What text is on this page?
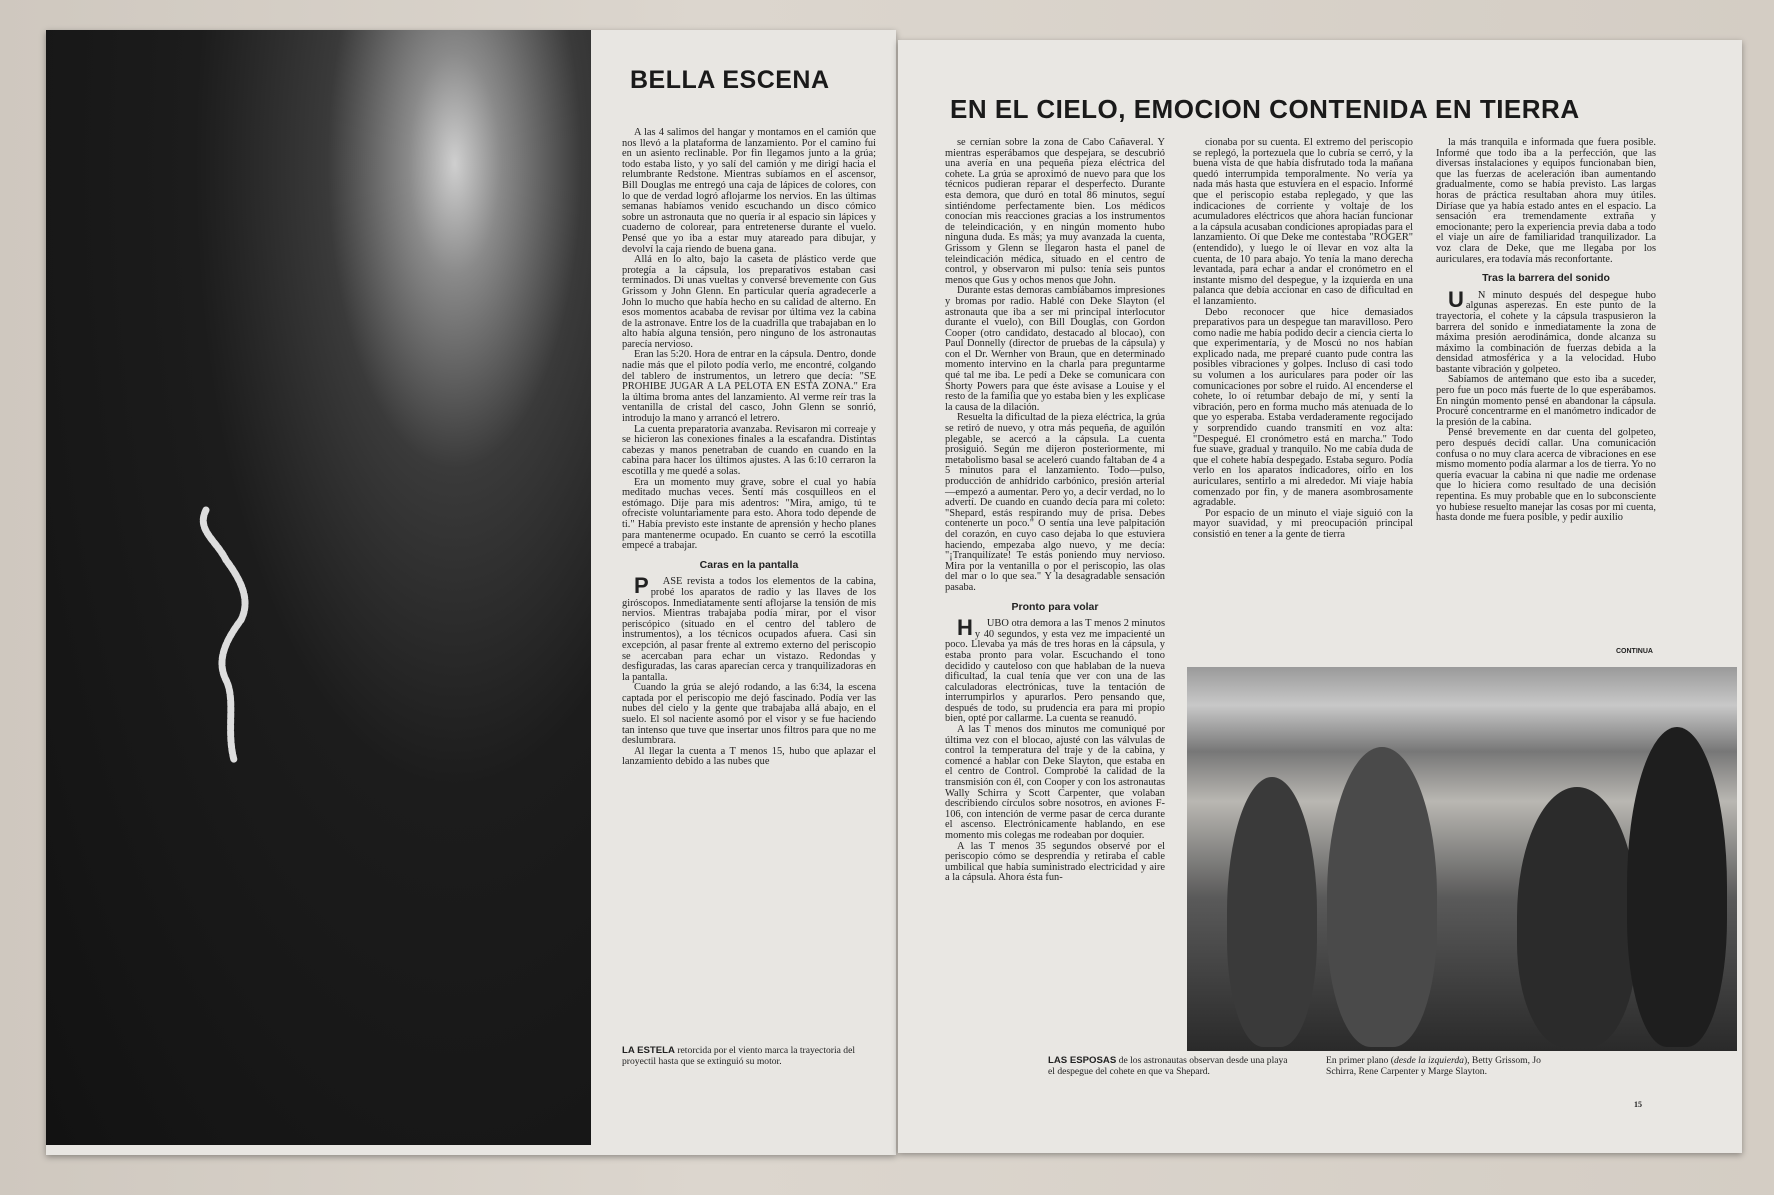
BELLA ESCENA

A las 4 salimos del hangar y montamos en el camión que nos llevó a la plataforma de lanzamiento. Por el camino fui en un asiento reclinable. Por fin llegamos junto a la grúa; todo estaba listo, y yo salí del camión y me dirigí hacia el relumbrante Redstone. Mientras subíamos en el ascensor, Bill Douglas me entregó una caja de lápices de colores, con lo que de verdad logró aflojarme los nervios. En las últimas semanas habíamos venido escuchando un disco cómico sobre un astronauta que no quería ir al espacio sin lápices y cuaderno de colorear, para entretenerse durante el vuelo. Pensé que yo iba a estar muy atareado para dibujar, y devolví la caja riendo de buena gana.

Allá en lo alto, bajo la caseta de plástico verde que protegía a la cápsula, los preparativos estaban casi terminados. Di unas vueltas y conversé brevemente con Gus Grissom y John Glenn. En particular quería agradecerle a John lo mucho que había hecho en su calidad de alterno. En esos momentos acababa de revisar por última vez la cabina de la astronave. Entre los de la cuadrilla que trabajaban en lo alto había alguna tensión, pero ninguno de los astronautas parecía nervioso.

Eran las 5:20. Hora de entrar en la cápsula. Dentro, donde nadie más que el piloto podía verlo, me encontré, colgando del tablero de instrumentos, un letrero que decía: "SE PROHIBE JUGAR A LA PELOTA EN ESTA ZONA." Era la última broma antes del lanzamiento. Al verme reír tras la ventanilla de cristal del casco, John Glenn se sonrió, introdujo la mano y arrancó el letrero.

La cuenta preparatoria avanzaba. Revisaron mi correaje y se hicieron las conexiones finales a la escafandra. Distintas cabezas y manos penetraban de cuando en cuando en la cabina para hacer los últimos ajustes. A las 6:10 cerraron la escotilla y me quedé a solas.

Era un momento muy grave, sobre el cual yo había meditado muchas veces. Sentí más cosquilleos en el estómago. Dije para mis adentros: "Mira, amigo, tú te ofreciste voluntariamente para esto. Ahora todo depende de ti." Había previsto este instante de aprensión y hecho planes para mantenerme ocupado. En cuanto se cerró la escotilla empecé a trabajar.

Caras en la pantalla

PASE revista a todos los elementos de la cabina, probé los aparatos de radio y las llaves de los giróscopos. Inmediatamente sentí aflojarse la tensión de mis nervios. Mientras trabajaba podía mirar, por el visor periscópico (situado en el centro del tablero de instrumentos), a los técnicos ocupados afuera. Casi sin excepción, al pasar frente al extremo externo del periscopio se acercaban para echar un vistazo. Redondas y desfiguradas, las caras aparecían cerca y tranquilizadoras en la pantalla.

Cuando la grúa se alejó rodando, a las 6:34, la escena captada por el periscopio me dejó fascinado. Podía ver las nubes del cielo y la gente que trabajaba allá abajo, en el suelo. El sol naciente asomó por el visor y se fue haciendo tan intenso que tuve que insertar unos filtros para que no me deslumbrara.

Al llegar la cuenta a T menos 15, hubo que aplazar el lanzamiento debido a las nubes que

LA ESTELA retorcida por el viento marca la trayectoria del proyectil hasta que se extinguió su motor.
EN EL CIELO, EMOCION CONTENIDA EN TIERRA

se cernían sobre la zona de Cabo Cañaveral. Y mientras esperábamos que despejara, se descubrió una avería en una pequeña pieza eléctrica del cohete. La grúa se aproximó de nuevo para que los técnicos pudieran reparar el desperfecto. Durante esta demora, que duró en total 86 minutos, seguí sintiéndome perfectamente bien. Los médicos conocían mis reacciones gracias a los instrumentos de teleindicación, y en ningún momento hubo ninguna duda. Es más; ya muy avanzada la cuenta, Grissom y Glenn se llegaron hasta el panel de teleindicación médica, situado en el centro de control, y observaron mi pulso: tenía seis puntos menos que Gus y ochos menos que John.

Durante estas demoras cambiábamos impresiones y bromas por radio. Hablé con Deke Slayton (el astronauta que iba a ser mi principal interlocutor durante el vuelo), con Bill Douglas, con Gordon Cooper (otro candidato, destacado al blocao), con Paul Donnelly (director de pruebas de la cápsula) y con el Dr. Wernher von Braun, que en determinado momento intervino en la charla para preguntarme qué tal me iba. Le pedí a Deke se comunicara con Shorty Powers para que éste avisase a Louise y el resto de la familia que yo estaba bien y les explicase la causa de la dilación.

Resuelta la dificultad de la pieza eléctrica, la grúa se retiró de nuevo, y otra más pequeña, de aguilón plegable, se acercó a la cápsula. La cuenta prosiguió. Según me dijeron posteriormente, mi metabolismo basal se aceleró cuando faltaban de 4 a 5 minutos para el lanzamiento. Todo—pulso, producción de anhídrido carbónico, presión arterial—empezó a aumentar. Pero yo, a decir verdad, no lo advertí. De cuando en cuando decía para mi coleto: "Shepard, estás respirando muy de prisa. Debes contenerte un poco." O sentía una leve palpitación del corazón, en cuyo caso dejaba lo que estuviera haciendo, empezaba algo nuevo, y me decía: "¡Tranquilízate! Te estás poniendo muy nervioso. Mira por la ventanilla o por el periscopio, las olas del mar o lo que sea." Y la desagradable sensación pasaba.

Pronto para volar

HUBO otra demora a las T menos 2 minutos y 40 segundos, y esta vez me impacienté un poco. Llevaba ya más de tres horas en la cápsula, y estaba pronto para volar. Escuchando el tono decidido y cauteloso con que hablaban de la nueva dificultad, la cual tenía que ver con una de las calculadoras electrónicas, tuve la tentación de interrumpirlos y apurarlos. Pero pensando que, después de todo, su prudencia era para mi propio bien, opté por callarme. La cuenta se reanudó.

A las T menos dos minutos me comuniqué por última vez con el blocao, ajusté con las válvulas de control la temperatura del traje y de la cabina, y comencé a hablar con Deke Slayton, que estaba en el centro de Control. Comprobé la calidad de la transmisión con él, con Cooper y con los astronautas Wally Schirra y Scott Carpenter, que volaban describiendo círculos sobre nosotros, en aviones F-106, con intención de verme pasar de cerca durante el ascenso. Electrónicamente hablando, en ese momento mis colegas me rodeaban por doquier.

A las T menos 35 segundos observé por el periscopio cómo se desprendía y retiraba el cable umbilical que había suministrado electricidad y aire a la cápsula. Ahora ésta fun-

cionaba por su cuenta. El extremo del periscopio se replegó, la portezuela que lo cubría se cerró, y la buena vista de que había disfrutado toda la mañana quedó interrumpida temporalmente. No vería ya nada más hasta que estuviera en el espacio. Informé que el periscopio estaba replegado, y que las indicaciones de corriente y voltaje de los acumuladores eléctricos que ahora hacían funcionar a la cápsula acusaban condiciones apropiadas para el lanzamiento. Oí que Deke me contestaba "ROGER" (entendido), y luego le oí llevar en voz alta la cuenta, de 10 para abajo. Yo tenía la mano derecha levantada, para echar a andar el cronómetro en el instante mismo del despegue, y la izquierda en una palanca que debía accionar en caso de dificultad en el lanzamiento.

Debo reconocer que hice demasiados preparativos para un despegue tan maravilloso. Pero como nadie me había podido decir a ciencia cierta lo que experimentaría, y de Moscú no nos habían explicado nada, me preparé cuanto pude contra las posibles vibraciones y golpes. Incluso di casi todo su volumen a los auriculares para poder oír las comunicaciones por sobre el ruido. Al encenderse el cohete, lo oí retumbar debajo de mí, y sentí la vibración, pero en forma mucho más atenuada de lo que yo esperaba. Estaba verdaderamente regocijado y sorprendido cuando transmití en voz alta: "Despegué. El cronómetro está en marcha." Todo fue suave, gradual y tranquilo. No me cabía duda de que el cohete había despegado. Estaba seguro. Podía verlo en los aparatos indicadores, oírlo en los auriculares, sentirlo a mi alrededor. Mi viaje había comenzado por fin, y de manera asombrosamente agradable.

Por espacio de un minuto el viaje siguió con la mayor suavidad, y mi preocupación principal consistió en tener a la gente de tierra

la más tranquila e informada que fuera posible. Informé que todo iba a la perfección, que las diversas instalaciones y equipos funcionaban bien, que las fuerzas de aceleración iban aumentando gradualmente, como se había previsto. Las largas horas de práctica resultaban ahora muy útiles. Diríase que ya había estado antes en el espacio. La sensación era tremendamente extraña y emocionante; pero la experiencia previa daba a todo el viaje un aire de familiaridad tranquilizador. La voz clara de Deke, que me llegaba por los auriculares, era todavía más reconfortante.

Tras la barrera del sonido

UN minuto después del despegue hubo algunas asperezas. En este punto de la trayectoria, el cohete y la cápsula traspusieron la barrera del sonido e inmediatamente la zona de máxima presión aerodinámica, donde alcanza su máximo la combinación de fuerzas debida a la densidad atmosférica y a la velocidad. Hubo bastante vibración y golpeteo.

Sabíamos de antemano que esto iba a suceder, pero fue un poco más fuerte de lo que esperábamos. En ningún momento pensé en abandonar la cápsula. Procuré concentrarme en el manómetro indicador de la presión de la cabina.

Pensé brevemente en dar cuenta del golpeteo, pero después decidí callar. Una comunicación confusa o no muy clara acerca de vibraciones en ese mismo momento podía alarmar a los de tierra. Yo no quería evacuar la cabina ni que nadie me ordenase que lo hiciera como resultado de una decisión repentina. Es muy probable que en lo subconsciente yo hubiese resuelto manejar las cosas por mi cuenta, hasta donde me fuera posible, y pedir auxilio

CONTINUA
LAS ESPOSAS de los astronautas observan desde una playa el despegue del cohete en que va Shepard.
En primer plano (desde la izquierda), Betty Grissom, Jo Schirra, Rene Carpenter y Marge Slayton.
15
